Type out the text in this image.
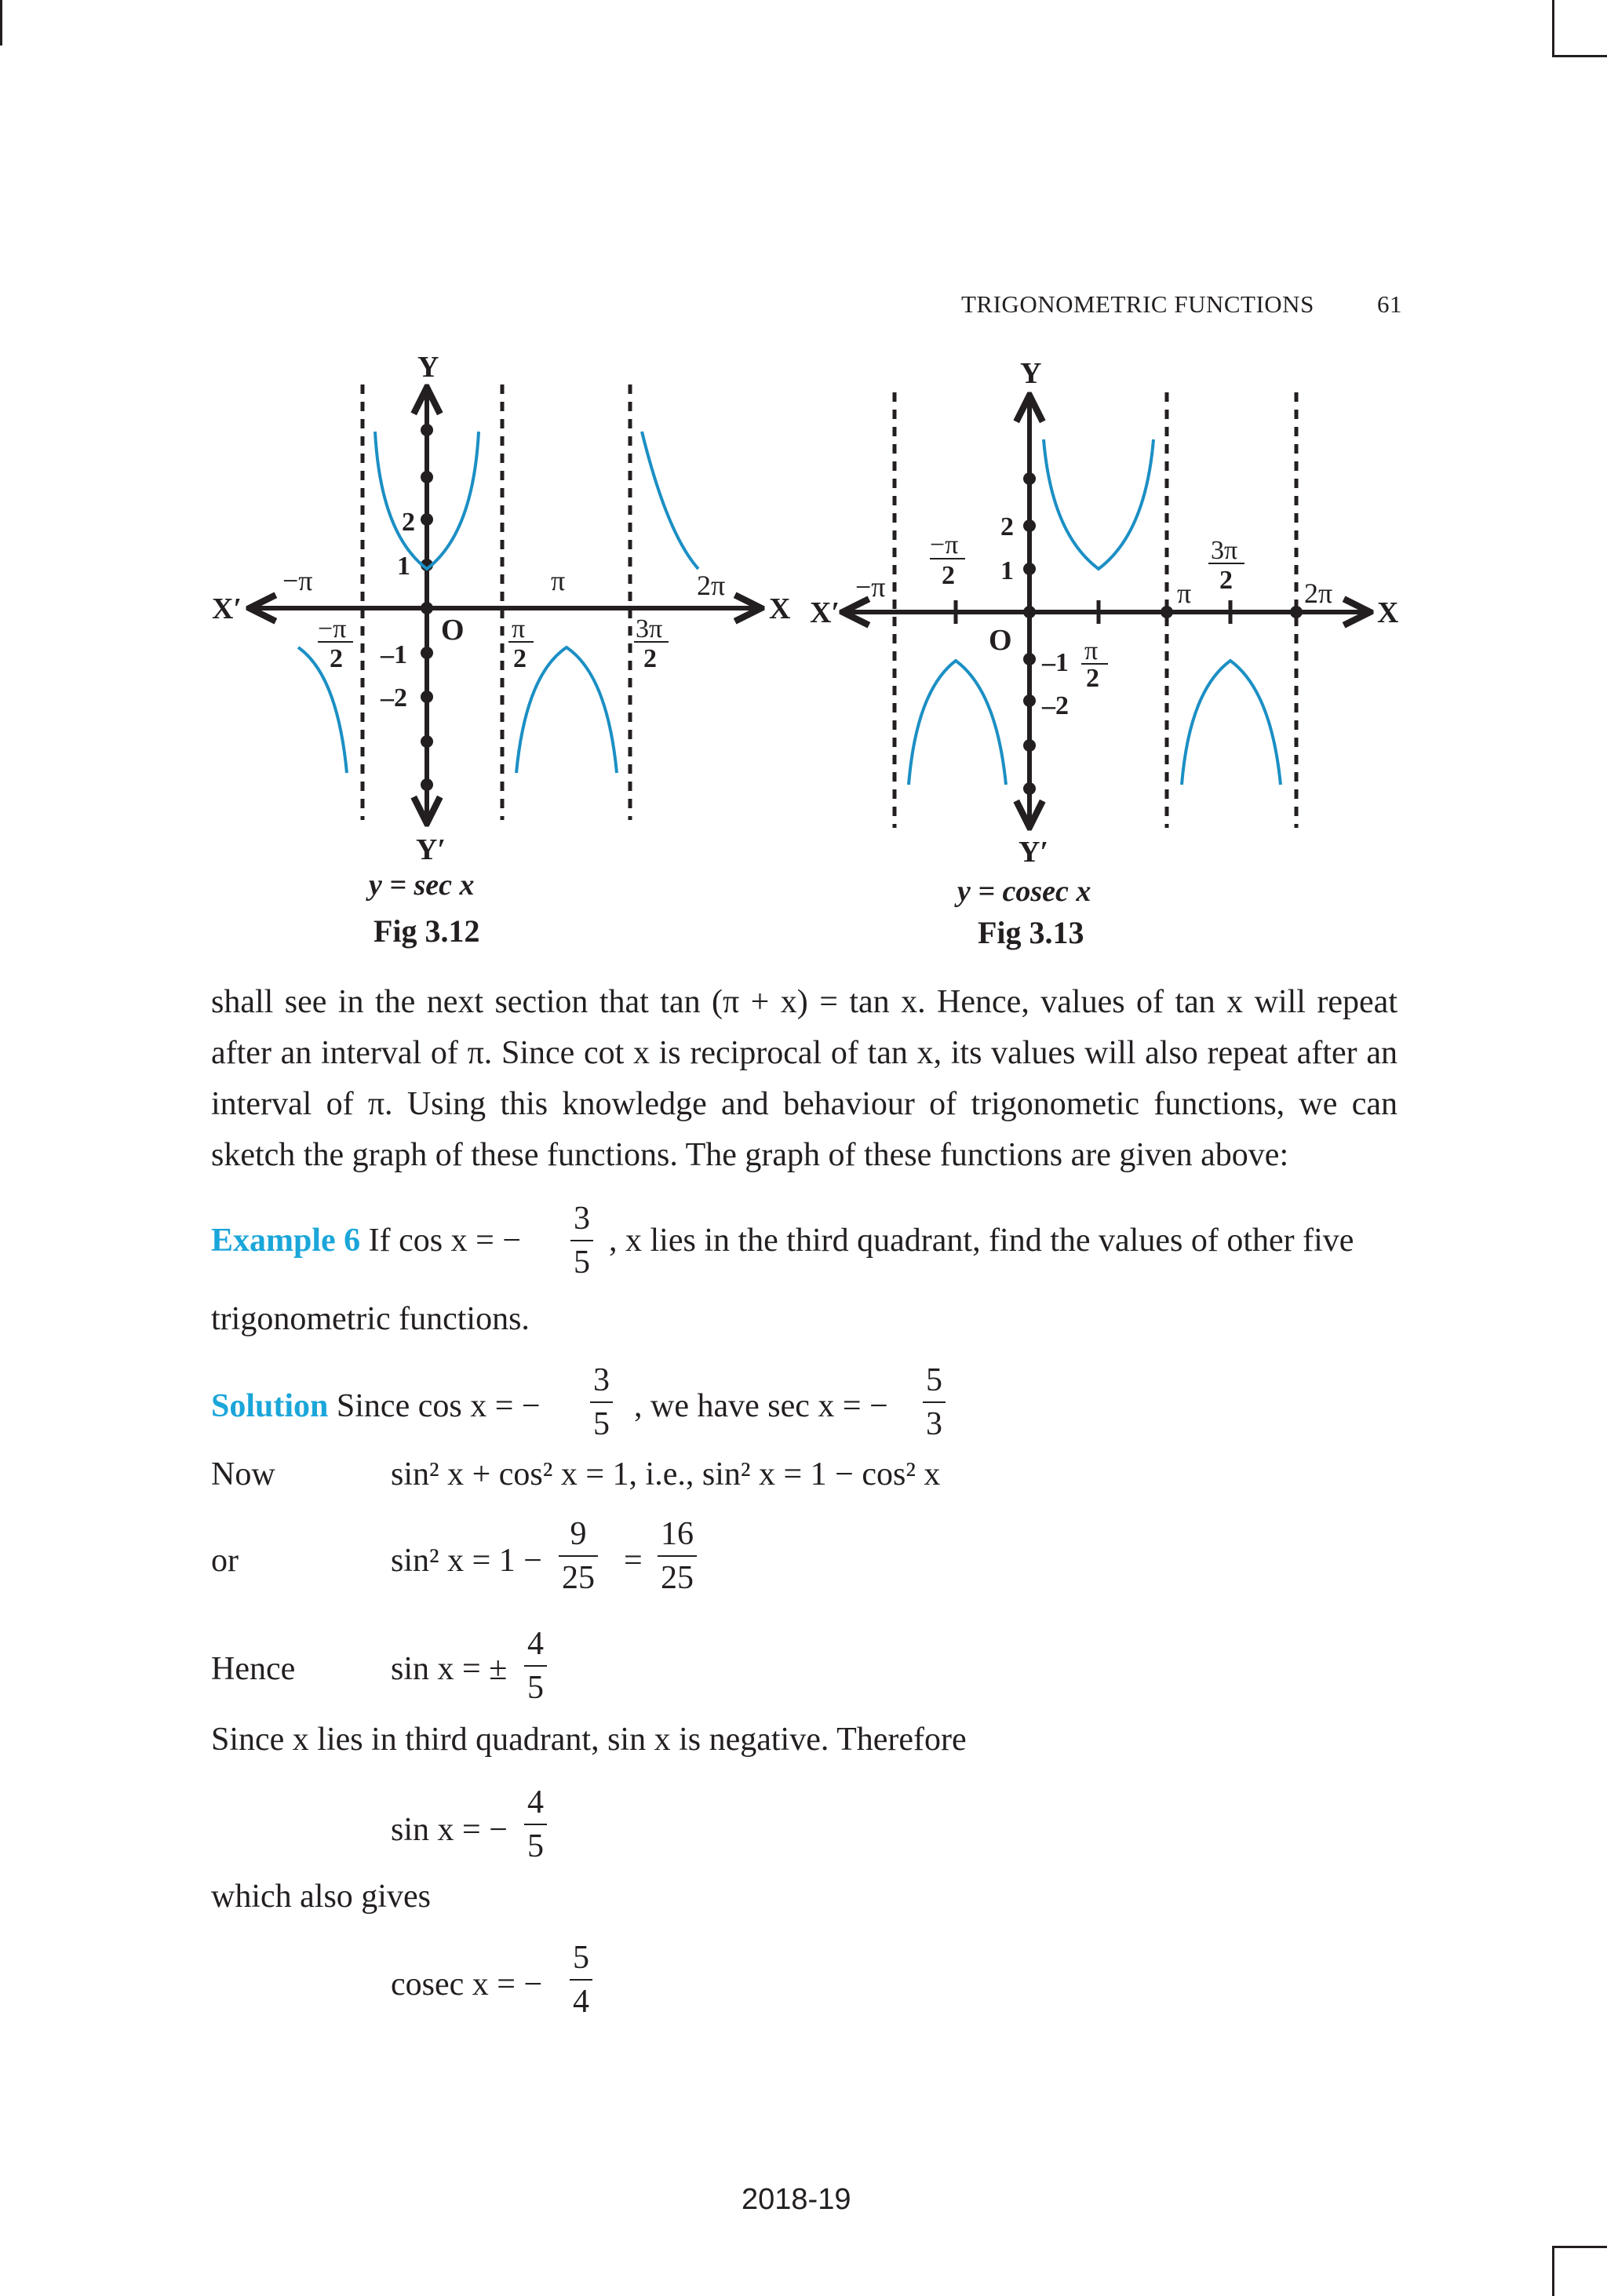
TRIGONOMETRIC FUNCTIONS	61
Y
Y′
X′	X
O
−π	π	2π
−π
2
π
2
3π
2
2
1
–1
–2
y = sec x
Fig 3.12
Y
Y′
X′	X
O
−π
−π
2
2
1
–1
–2
π
2
π
3π
2	2π
y = cosec x
Fig 3.13
shall see in the next section that tan (π + x) = tan x. Hence, values of tan x will repeat after an interval of π. Since cot x is reciprocal of tan x, its values will also repeat after an interval of π. Using this knowledge and behaviour of trigonometic functions, we can sketch the graph of these functions. The graph of these functions are given above:
Example 6 If cos x = − $\frac{3}{5}$ , x lies in the third quadrant, find the values of other five
trigonometric functions.
Solution Since cos x = − $\frac{3}{5}$ , we have sec x = − $\frac{5}{3}$
Now	sin² x + cos² x = 1, i.e., sin² x = 1 − cos² x
or	sin² $x = 1 - \frac{9}{25} = \frac{16}{25}$
Hence	sin x = ± $\frac{4}{5}$
Since x lies in third quadrant, sin x is negative. Therefore
sin x = − $\frac{4}{5}$
which also gives
cosec x = − $\frac{5}{4}$
2018-19
